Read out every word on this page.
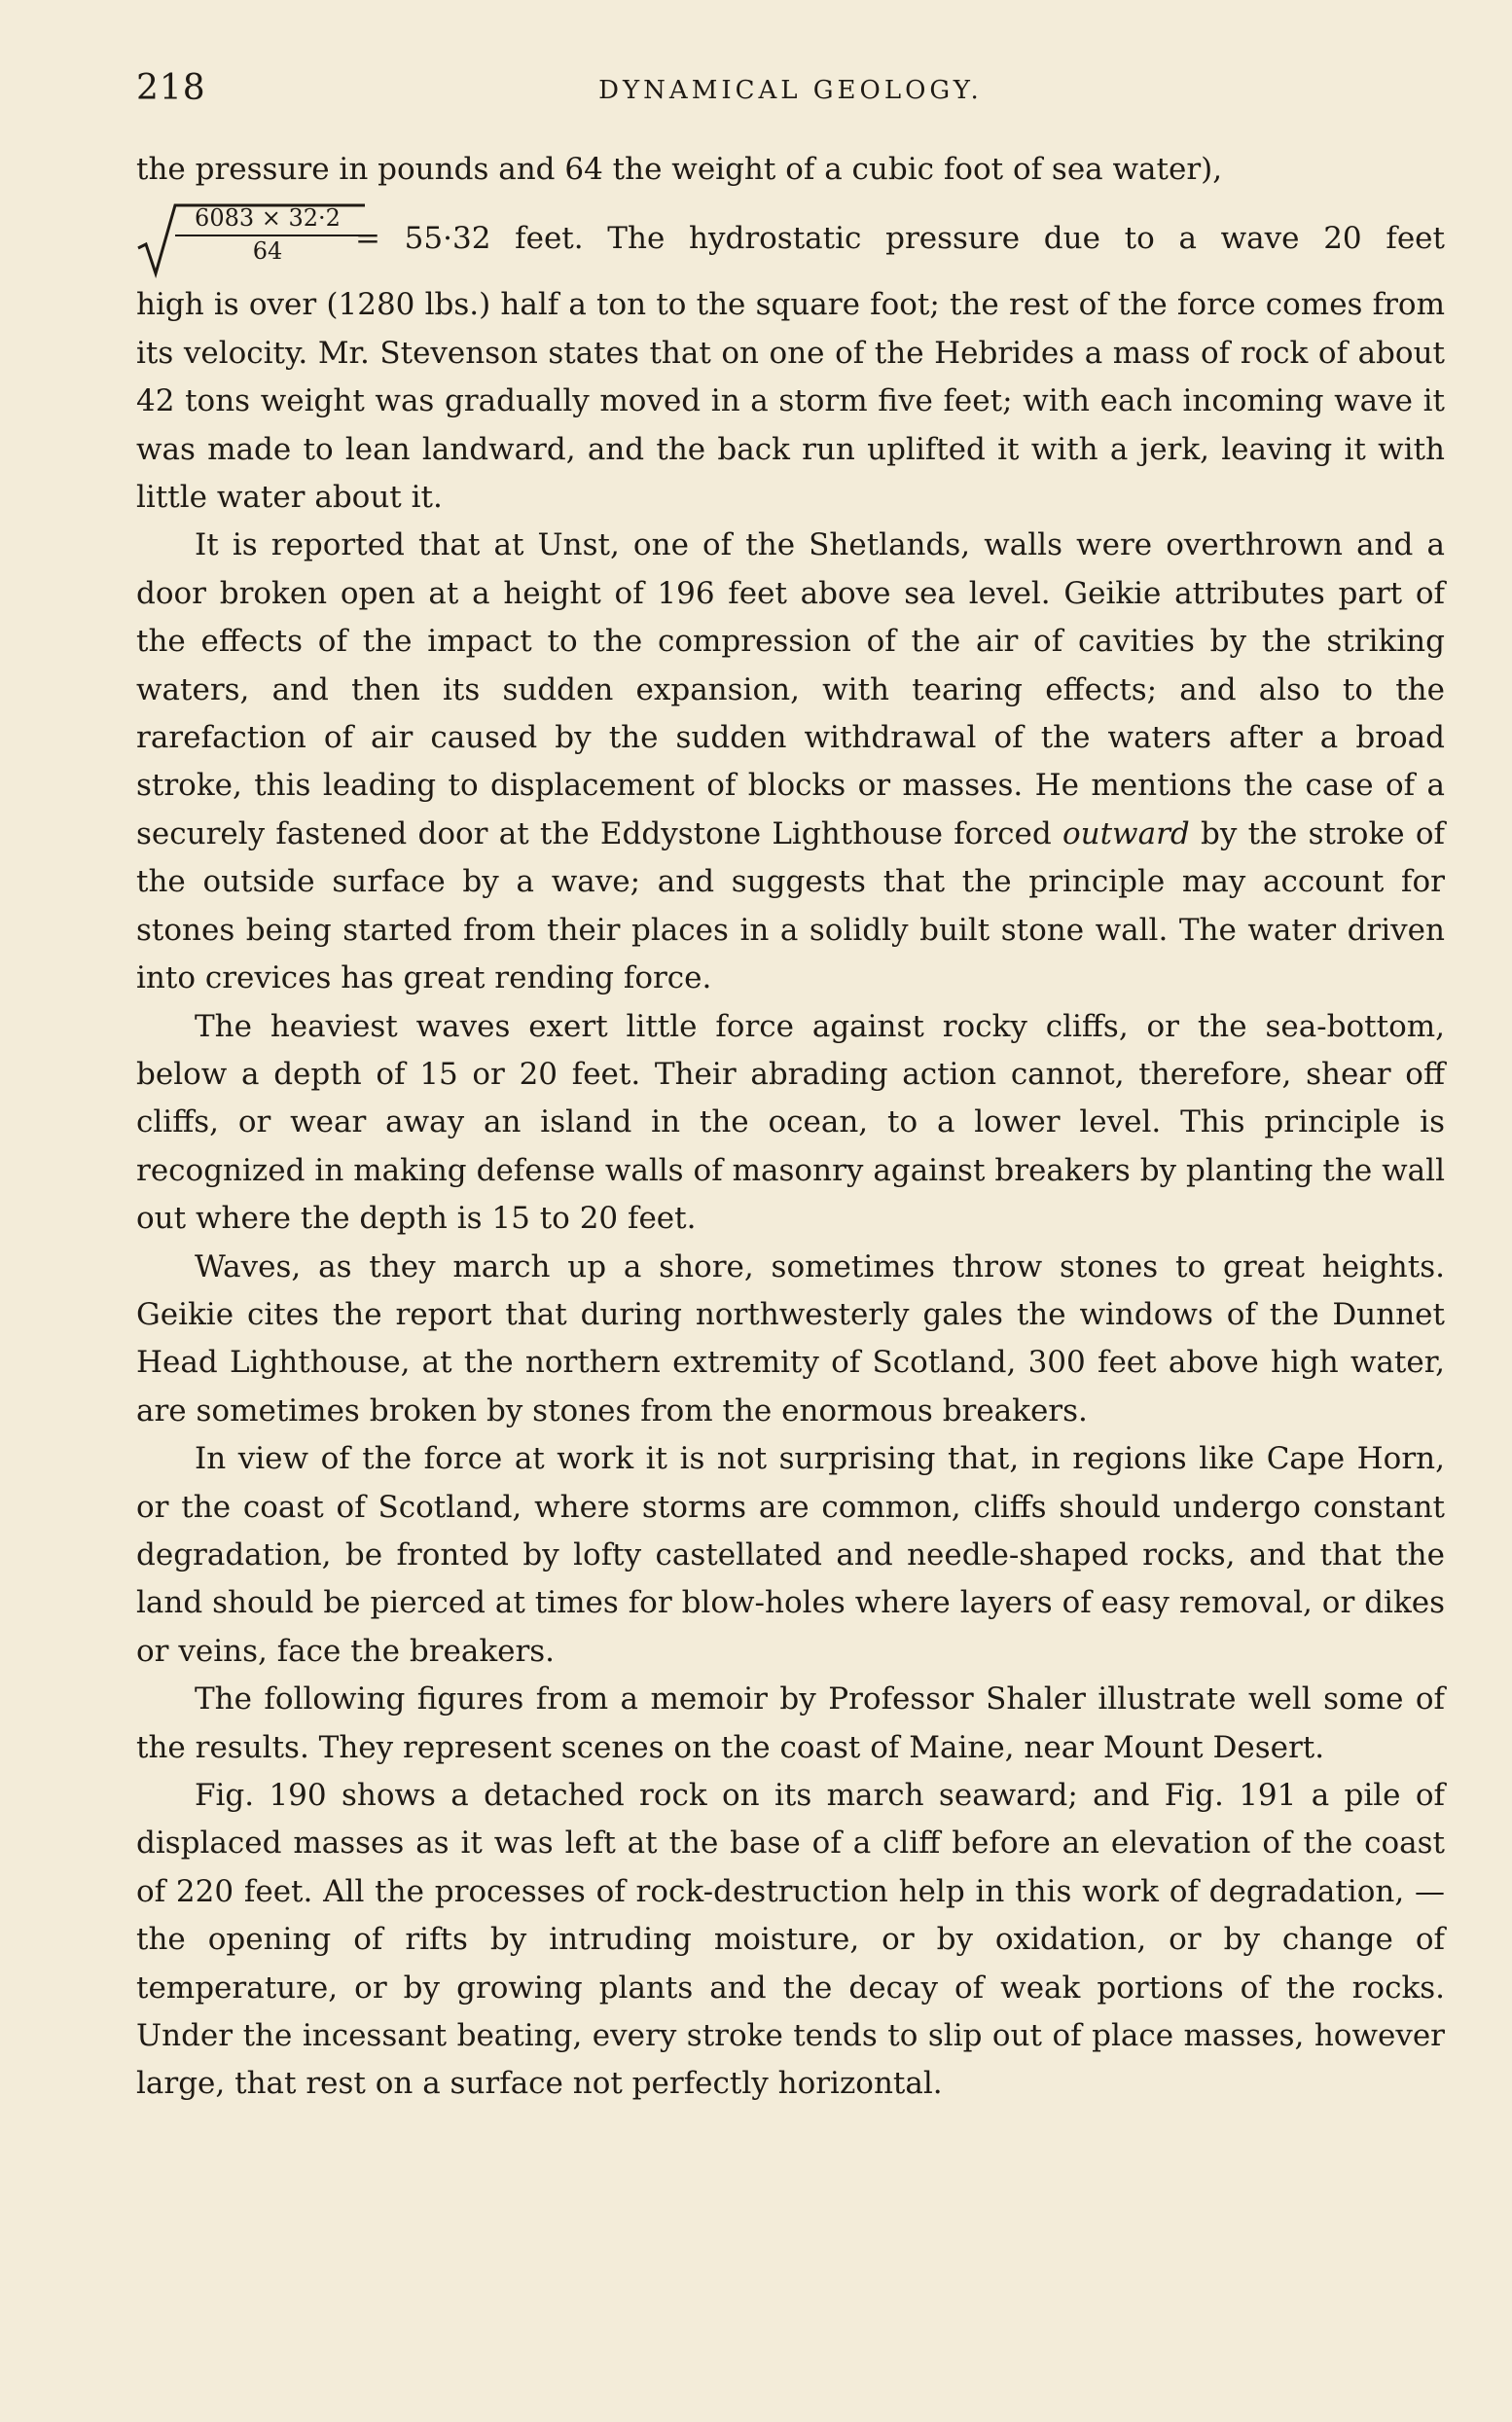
218	DYNAMICAL GEOLOGY.

the pressure in pounds and 64 the weight of a cubic foot of sea water),

$\frac{6083 \times 32\cdot 2}{64}$
= 55·32 feet. The hydrostatic pressure due to a wave 20 feet

high is over (1280 lbs.) half a ton to the square foot; the rest of the force comes from its velocity. Mr. Stevenson states that on one of the Hebrides a mass of rock of about 42 tons weight was gradually moved in a storm five feet; with each incoming wave it was made to lean landward, and the back run uplifted it with a jerk, leaving it with little water about it.

It is reported that at Unst, one of the Shetlands, walls were overthrown and a door broken open at a height of 196 feet above sea level. Geikie attributes part of the effects of the impact to the compression of the air of cavities by the striking waters, and then its sudden expansion, with tearing effects; and also to the rarefaction of air caused by the sudden withdrawal of the waters after a broad stroke, this leading to displacement of blocks or masses. He mentions the case of a securely fastened door at the Eddystone Lighthouse forced outward by the stroke of the outside surface by a wave; and suggests that the principle may account for stones being started from their places in a solidly built stone wall. The water driven into crevices has great rending force.

The heaviest waves exert little force against rocky cliffs, or the sea-bottom, below a depth of 15 or 20 feet. Their abrading action cannot, therefore, shear off cliffs, or wear away an island in the ocean, to a lower level. This principle is recognized in making defense walls of masonry against breakers by planting the wall out where the depth is 15 to 20 feet.

Waves, as they march up a shore, sometimes throw stones to great heights. Geikie cites the report that during northwesterly gales the windows of the Dunnet Head Lighthouse, at the northern extremity of Scotland, 300 feet above high water, are sometimes broken by stones from the enormous breakers.

In view of the force at work it is not surprising that, in regions like Cape Horn, or the coast of Scotland, where storms are common, cliffs should undergo constant degradation, be fronted by lofty castellated and needle-shaped rocks, and that the land should be pierced at times for blow-holes where layers of easy removal, or dikes or veins, face the breakers.

The following figures from a memoir by Professor Shaler illustrate well some of the results. They represent scenes on the coast of Maine, near Mount Desert.

Fig. 190 shows a detached rock on its march seaward; and Fig. 191 a pile of displaced masses as it was left at the base of a cliff before an elevation of the coast of 220 feet. All the processes of rock-destruction help in this work of degradation, — the opening of rifts by intruding moisture, or by oxidation, or by change of temperature, or by growing plants and the decay of weak portions of the rocks. Under the incessant beating, every stroke tends to slip out of place masses, however large, that rest on a surface not perfectly horizontal.
